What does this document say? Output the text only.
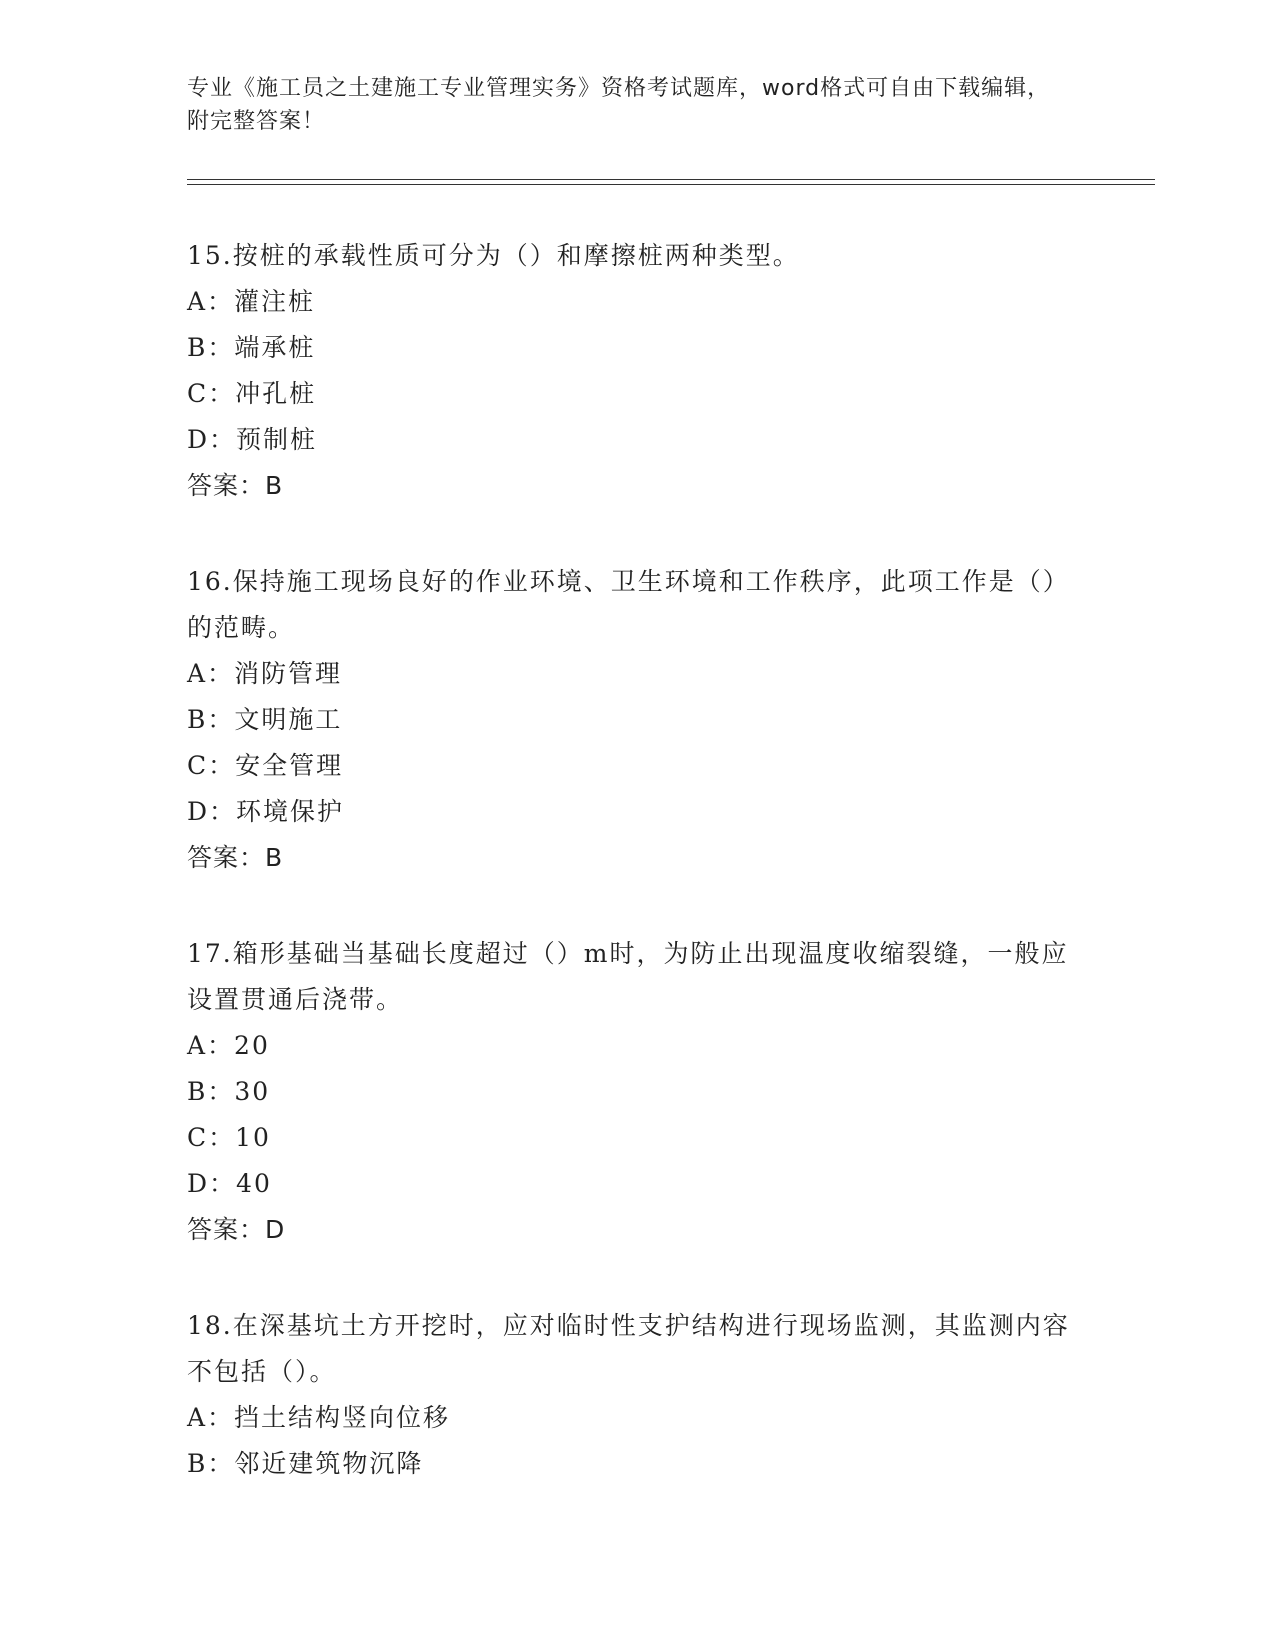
专业《施工员之土建施工专业管理实务》资格考试题库，word格式可自由下载编辑，附完整答案！
15.按桩的承载性质可分为（）和摩擦桩两种类型。
A：灌注桩
B：端承桩
C：冲孔桩
D：预制桩
答案：B
16.保持施工现场良好的作业环境、卫生环境和工作秩序，此项工作是（）的范畴。
A：消防管理
B：文明施工
C：安全管理
D：环境保护
答案：B
17.箱形基础当基础长度超过（）m时，为防止出现温度收缩裂缝，一般应设置贯通后浇带。
A：20
B：30
C：10
D：40
答案：D
18.在深基坑土方开挖时，应对临时性支护结构进行现场监测，其监测内容不包括（）。
A：挡土结构竖向位移
B：邻近建筑物沉降
